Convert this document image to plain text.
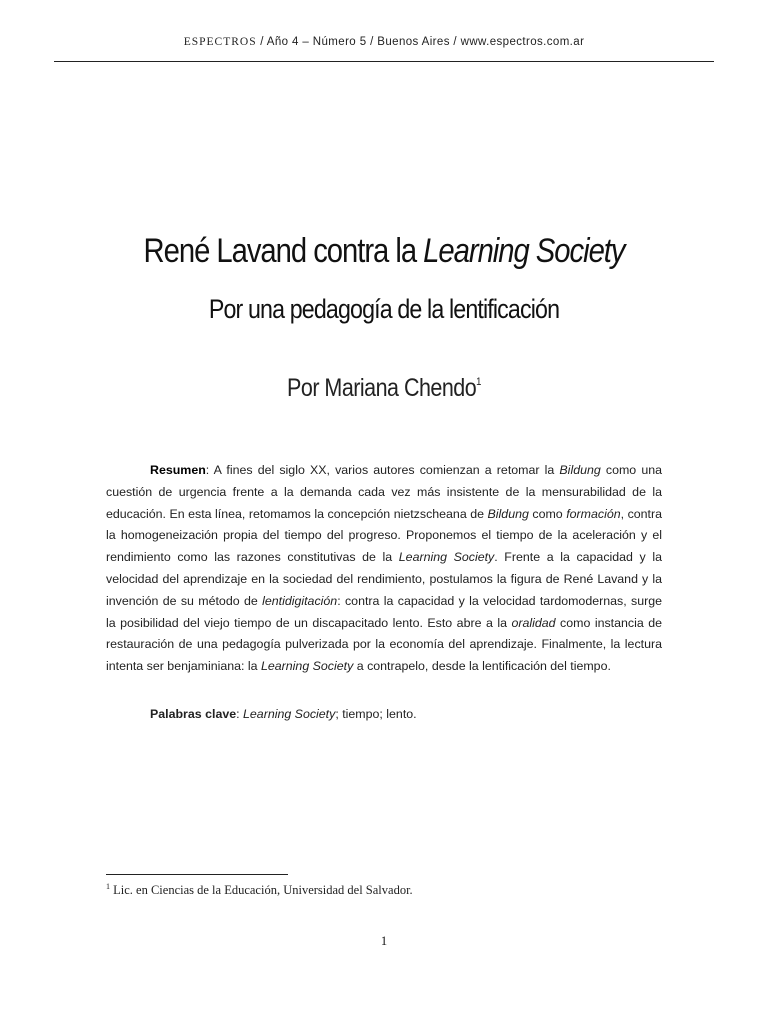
ESPECTROS / Año 4 – Número 5 / Buenos Aires / www.espectros.com.ar
René Lavand contra la Learning Society
Por una pedagogía de la lentificación
Por Mariana Chendo$^1$

Resumen: A fines del siglo XX, varios autores comienzan a retomar la Bildung como una cuestión de urgencia frente a la demanda cada vez más insistente de la mensurabilidad de la educación. En esta línea, retomamos la concepción nietzscheana de Bildung como formación, contra la homogeneización propia del tiempo del progreso. Proponemos el tiempo de la aceleración y el rendimiento como las razones constitutivas de la Learning Society. Frente a la capacidad y la velocidad del aprendizaje en la sociedad del rendimiento, postulamos la figura de René Lavand y la invención de su método de lentidigitación: contra la capacidad y la velocidad tardomodernas, surge la posibilidad del viejo tiempo de un discapacitado lento. Esto abre a la oralidad como instancia de restauración de una pedagogía pulverizada por la economía del aprendizaje. Finalmente, la lectura intenta ser benjaminiana: la Learning Society a contrapelo, desde la lentificación del tiempo.

Palabras clave: Learning Society; tiempo; lento.
$^1$ Lic. en Ciencias de la Educación, Universidad del Salvador.
1
